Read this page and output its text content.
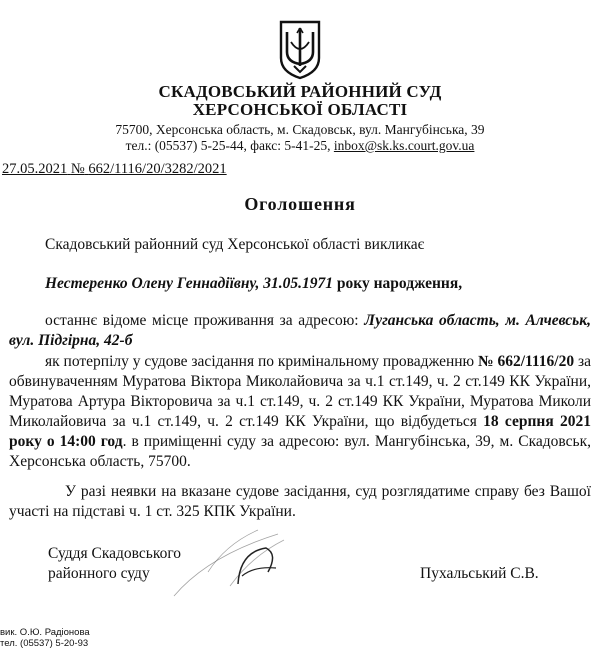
СКАДОВСЬКИЙ РАЙОННИЙ СУД
ХЕРСОНСЬКОЇ ОБЛАСТІ

75700, Херсонська область, м. Скадовськ, вул. Мангубінська, 39

тел.: (05537) 5-25-44, факс: 5-41-25, inbox@sk.ks.court.gov.ua

27.05.2021 № 662/1116/20/3282/2021
Оголошення

Скадовський районний суд Херсонської області викликає

Нестеренко Олену Геннадіївну, 31.05.1971 року народження,

останнє відоме місце проживання за адресою: Луганська область, м. Алчевськ, вул. Підгірна, 42-б

як потерпілу у судове засідання по кримінальному провадженню № 662/1116/20 за обвинуваченням Муратова Віктора Миколайовича за ч.1 ст.149, ч. 2 ст.149 КК України, Муратова Артура Вікторовича за ч.1 ст.149, ч. 2 ст.149 КК України, Муратова Миколи Миколайовича за ч.1 ст.149, ч. 2 ст.149 КК України, що відбудеться 18 серпня 2021 року о 14:00 год. в приміщенні суду за адресою: вул. Мангубінська, 39, м. Скадовськ, Херсонська область, 75700.

У разі неявки на вказане судове засідання, суд розглядатиме справу без Вашої участі на підставі ч. 1 ст. 325 КПК України.

Суддя Скадовського

районного суду	Пухальський С.В.

вик. О.Ю. Радіонова
тел. (05537) 5-20-93
